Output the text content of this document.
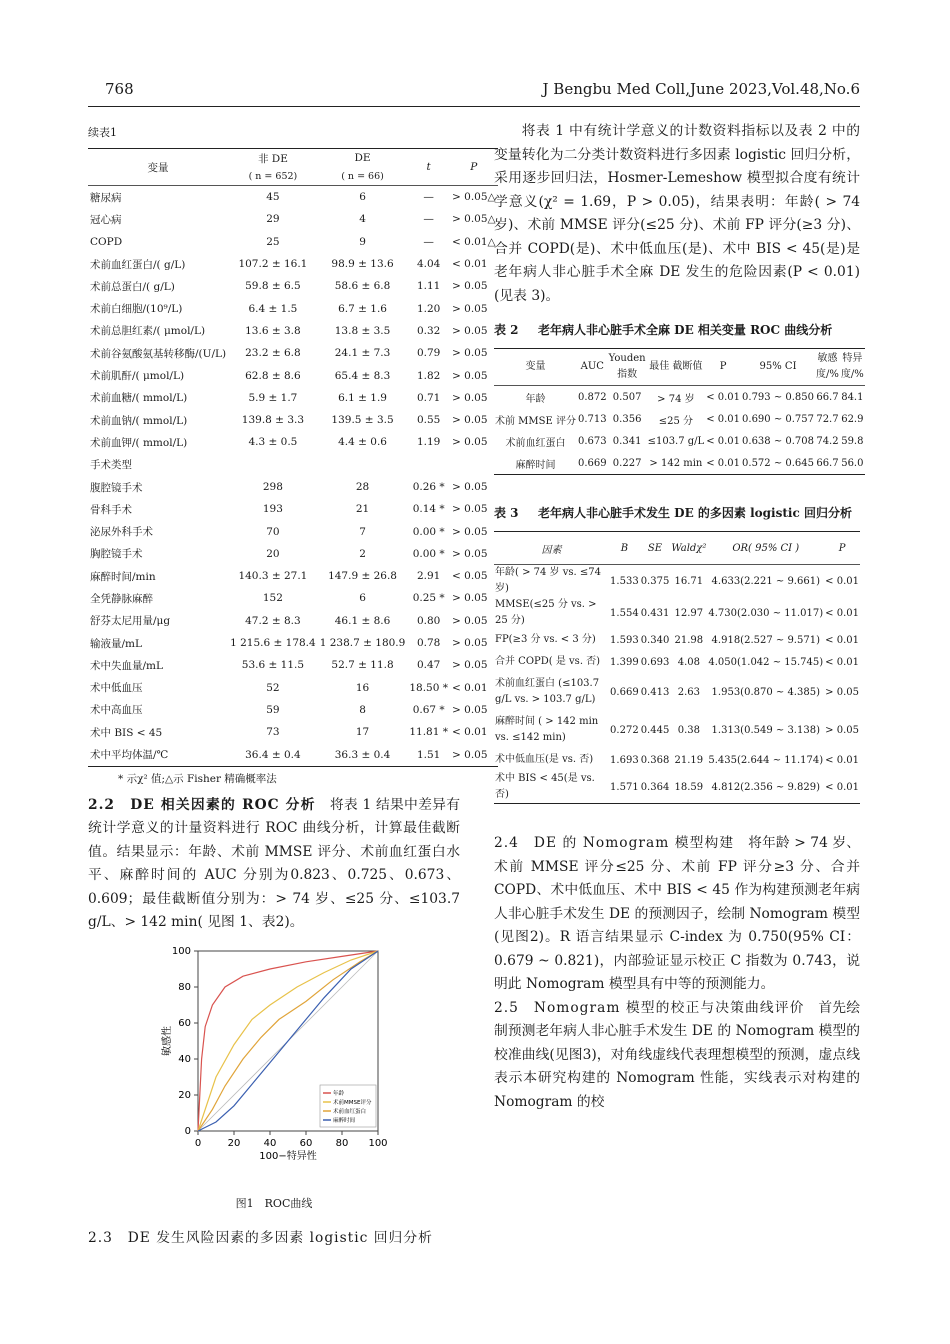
768	J Bengbu Med Coll,June 2023,Vol.48,No.6
续表1
变量	非 DE	DE	t	P
	( n = 652)	( n = 66)		
糖尿病	45	6	—	> 0.05△
冠心病	29	4	—	> 0.05△
COPD	25	9	—	< 0.01△
术前血红蛋白/( g/L)	107.2 ± 16.1	98.9 ± 13.6	4.04	< 0.01
术前总蛋白/( g/L)	59.8 ± 6.5	58.6 ± 6.8	1.11	> 0.05
术前白细胞/(10⁹/L)	6.4 ± 1.5	6.7 ± 1.6	1.20	> 0.05
术前总胆红素/( μmol/L)	13.6 ± 3.8	13.8 ± 3.5	0.32	> 0.05
术前谷氨酸氨基转移酶/(U/L)	23.2 ± 6.8	24.1 ± 7.3	0.79	> 0.05
术前肌酐/( μmol/L)	62.8 ± 8.6	65.4 ± 8.3	1.82	> 0.05
术前血糖/( mmol/L)	5.9 ± 1.7	6.1 ± 1.9	0.71	> 0.05
术前血钠/( mmol/L)	139.8 ± 3.3	139.5 ± 3.5	0.55	> 0.05
术前血钾/( mmol/L)	4.3 ± 0.5	4.4 ± 0.6	1.19	> 0.05
手术类型				
腹腔镜手术	298	28	0.26 *	> 0.05
骨科手术	193	21	0.14 *	> 0.05
泌尿外科手术	70	7	0.00 *	> 0.05
胸腔镜手术	20	2	0.00 *	> 0.05
麻醉时间/min	140.3 ± 27.1	147.9 ± 26.8	2.91	< 0.05
全凭静脉麻醉	152	6	0.25 *	> 0.05
舒芬太尼用量/μg	47.2 ± 8.3	46.1 ± 8.6	0.80	> 0.05
输液量/mL	1 215.6 ± 178.4	1 238.7 ± 180.9	0.78	> 0.05
术中失血量/mL	53.6 ± 11.5	52.7 ± 11.8	0.47	> 0.05
术中低血压	52	16	18.50 *	< 0.01
术中高血压	59	8	0.67 *	> 0.05
术中 BIS < 45	73	17	11.81 *	< 0.01
术中平均体温/℃	36.4 ± 0.4	36.3 ± 0.4	1.51	> 0.05
* 示χ² 值;△示 Fisher 精确概率法

2.2　DE 相关因素的 ROC 分析　将表 1 结果中差异有统计学意义的计量资料进行 ROC 曲线分析，计算最佳截断值。结果显示：年龄、术前 MMSE 评分、术前血红蛋白水平、麻醉时间的 AUC 分别为0.823、0.725、0.673、0.609；最佳截断值分别为：> 74 岁、≤25 分、≤103.7 g/L、> 142 min( 见图 1、表2)。

0	20 40 60 80 100
0
20
40
60
80
100
100−特异性
敏感性
年龄
术前MMSE评分
术前血红蛋白
麻醉时间
图1　ROC曲线

2.3　DE 发生风险因素的多因素 logistic 回归分析

将表 1 中有统计学意义的计数资料指标以及表 2 中的变量转化为二分类计数资料进行多因素 logistic 回归分析，采用逐步回归法，Hosmer-Lemeshow 模型拟合度有统计学意义(χ² = 1.69，P > 0.05)，结果表明：年龄( > 74 岁)、术前 MMSE 评分(≤25 分)、术前 FP 评分(≥3 分)、合并 COPD(是)、术中低血压(是)、术中 BIS < 45(是)是老年病人非心脏手术全麻 DE 发生的危险因素(P < 0.01)(见表 3)。

表 2	老年病人非心脏手术全麻 DE 相关变量 ROC 曲线分析
变量	AUC	Youden 指数	最佳 截断值	P	95% CI	敏感度/%	特异度/%
年龄	0.872	0.507	> 74 岁	< 0.01	0.793 ~ 0.850	66.7	84.1
术前 MMSE 评分	0.713	0.356	≤25 分	< 0.01	0.690 ~ 0.757	72.7	62.9
术前血红蛋白	0.673	0.341	≤103.7 g/L	< 0.01	0.638 ~ 0.708	74.2	59.8
麻醉时间	0.669	0.227	> 142 min	< 0.01	0.572 ~ 0.645	66.7	56.0
表 3	老年病人非心脏手术发生 DE 的多因素 logistic 回归分析
因素	B	SE	Waldχ²	OR( 95% CI )	P
年龄( > 74 岁 vs. ≤74 岁)	1.533	0.375	16.71	4.633(2.221 ~ 9.661)	< 0.01
MMSE(≤25 分 vs. > 25 分)	1.554	0.431	12.97	4.730(2.030 ~ 11.017)	< 0.01
FP(≥3 分 vs. < 3 分)	1.593	0.340	21.98	4.918(2.527 ~ 9.571)	< 0.01
合并 COPD( 是 vs. 否)	1.399	0.693	4.08	4.050(1.042 ~ 15.745)	< 0.01
术前血红蛋白 (≤103.7 g/L vs. > 103.7 g/L)	0.669	0.413	2.63	1.953(0.870 ~ 4.385)	> 0.05
麻醉时间 ( > 142 min vs. ≤142 min)	0.272	0.445	0.38	1.313(0.549 ~ 3.138)	> 0.05
术中低血压(是 vs. 否)	1.693	0.368	21.19	5.435(2.644 ~ 11.174)	< 0.01
术中 BIS < 45(是 vs. 否)	1.571	0.364	18.59	4.812(2.356 ~ 9.829)	< 0.01

2.4　DE 的 Nomogram 模型构建　将年龄 > 74 岁、术前 MMSE 评分≤25 分、术前 FP 评分≥3 分、合并 COPD、术中低血压、术中 BIS < 45 作为构建预测老年病人非心脏手术发生 DE 的预测因子，绘制 Nomogram 模型(见图2)。R 语言结果显示 C-index 为 0.750(95% CI：0.679 ~ 0.821)，内部验证显示校正 C 指数为 0.743，说明此 Nomogram 模型具有中等的预测能力。

2.5　Nomogram 模型的校正与决策曲线评价　首先绘制预测老年病人非心脏手术发生 DE 的 Nomogram 模型的校准曲线(见图3)，对角线虚线代表理想模型的预测，虚点线表示本研究构建的 Nomogram 性能，实线表示对构建的 Nomogram 的校
